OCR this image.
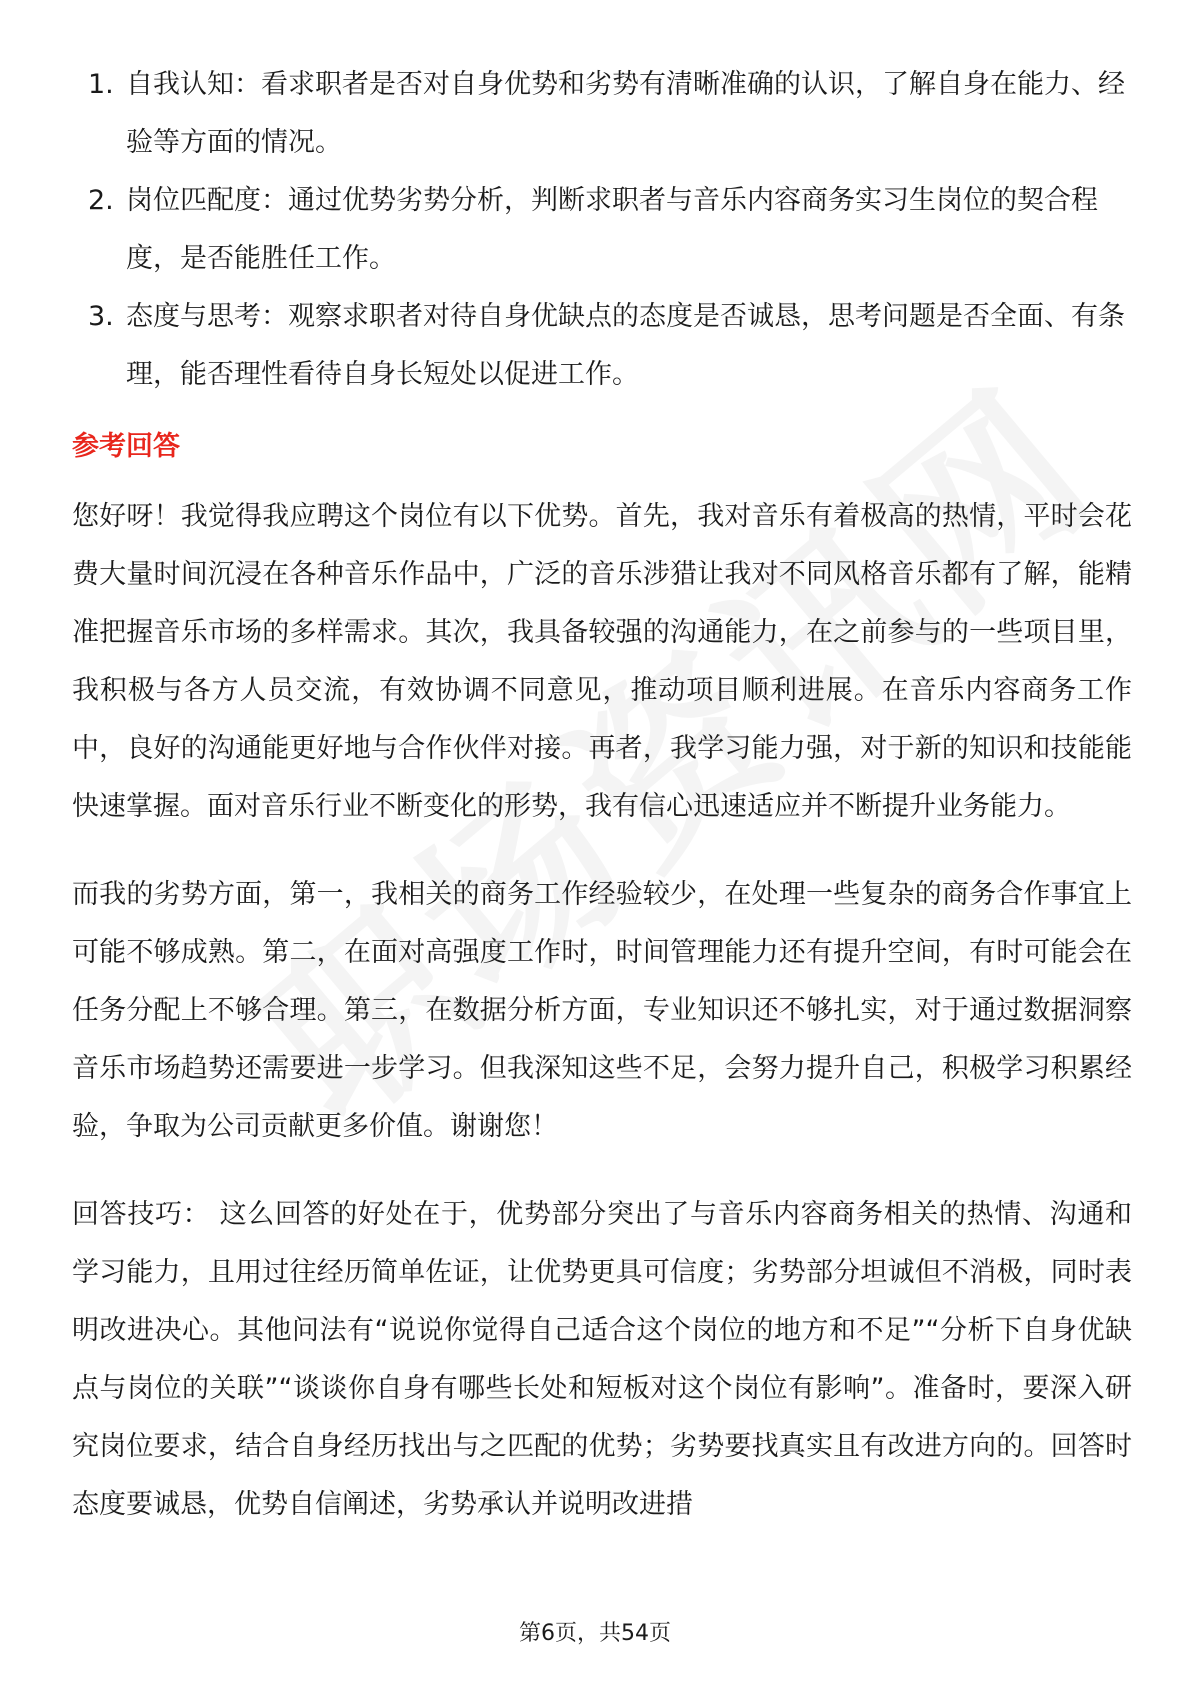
1. 自我认知：看求职者是否对自身优势和劣势有清晰准确的认识，了解自身在能力、经验等方面的情况。
2. 岗位匹配度：通过优势劣势分析，判断求职者与音乐内容商务实习生岗位的契合程度，是否能胜任工作。
3. 态度与思考：观察求职者对待自身优缺点的态度是否诚恳，思考问题是否全面、有条理，能否理性看待自身长短处以促进工作。
参考回答

您好呀！我觉得我应聘这个岗位有以下优势。首先，我对音乐有着极高的热情，平时会花费大量时间沉浸在各种音乐作品中，广泛的音乐涉猎让我对不同风格音乐都有了解，能精准把握音乐市场的多样需求。其次，我具备较强的沟通能力，在之前参与的一些项目里，我积极与各方人员交流，有效协调不同意见，推动项目顺利进展。在音乐内容商务工作中，良好的沟通能更好地与合作伙伴对接。再者，我学习能力强，对于新的知识和技能能快速掌握。面对音乐行业不断变化的形势，我有信心迅速适应并不断提升业务能力。

而我的劣势方面，第一，我相关的商务工作经验较少，在处理一些复杂的商务合作事宜上可能不够成熟。第二，在面对高强度工作时，时间管理能力还有提升空间，有时可能会在任务分配上不够合理。第三，在数据分析方面，专业知识还不够扎实，对于通过数据洞察音乐市场趋势还需要进一步学习。但我深知这些不足，会努力提升自己，积极学习积累经验，争取为公司贡献更多价值。谢谢您！

回答技巧： 这么回答的好处在于，优势部分突出了与音乐内容商务相关的热情、沟通和学习能力，且用过往经历简单佐证，让优势更具可信度；劣势部分坦诚但不消极，同时表明改进决心。其他问法有“说说你觉得自己适合这个岗位的地方和不足”“分析下自身优缺点与岗位的关联”“谈谈你自身有哪些长处和短板对这个岗位有影响”。准备时，要深入研究岗位要求，结合自身经历找出与之匹配的优势；劣势要找真实且有改进方向的。回答时态度要诚恳，优势自信阐述，劣势承认并说明改进措

第6页，共54页
